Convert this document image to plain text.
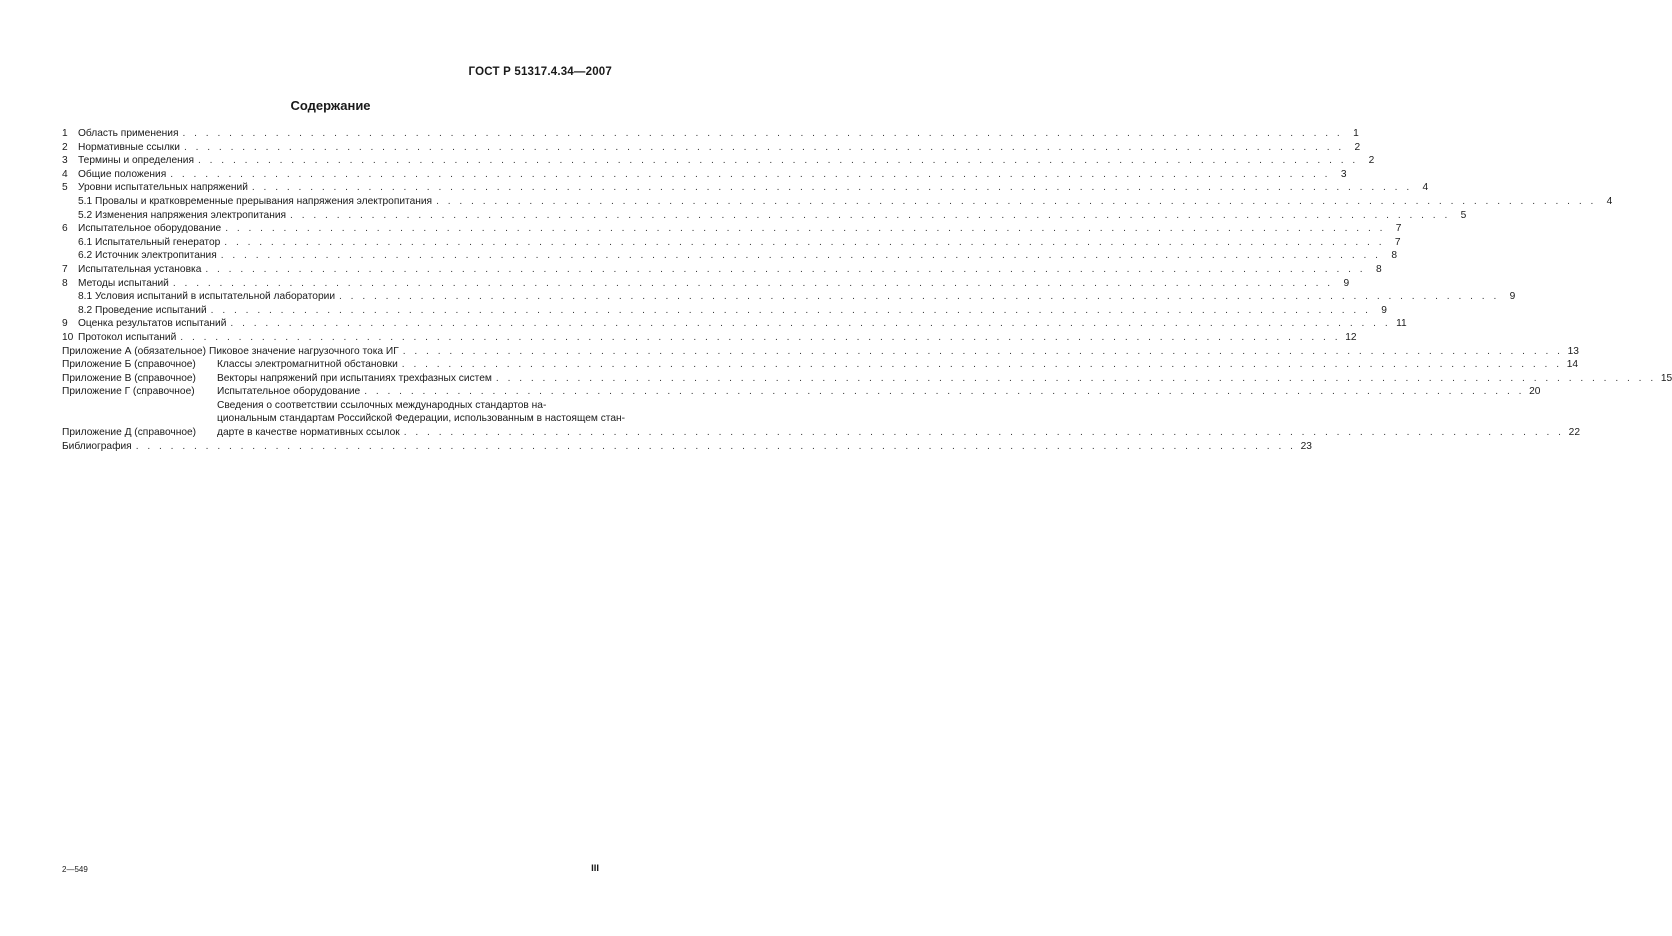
ГОСТ Р 51317.4.34—2007
Содержание
1	Область применения . . .	1
2	Нормативные ссылки . . .	2
3	Термины и определения . . .	2
4	Общие положения . . .	3
5	Уровни испытательных напряжений . . .	4
5.1 Провалы и кратковременные прерывания напряжения электропитания . . .	4
5.2 Изменения напряжения электропитания . . .	5
6	Испытательное оборудование . . .	7
6.1 Испытательный генератор . . .	7
6.2 Источник электропитания . . .	8
7	Испытательная установка . . .	8
8	Методы испытаний . . .	9
8.1 Условия испытаний в испытательной лаборатории . . .	9
8.2 Проведение испытаний . . .	9
9	Оценка результатов испытаний . . .	11
10 Протокол испытаний . . .	12
Приложение А (обязательное) Пиковое значение нагрузочного тока ИГ . . .	13
Приложение Б (справочное)	Классы электромагнитной обстановки . . .	14
Приложение В (справочное)	Векторы напряжений при испытаниях трехфазных систем . . .	15
Приложение Г (справочное)	Испытательное оборудование . . .	20
Приложение Д (справочное)
Сведения о соответствии ссылочных международных стандартов на-
циональным стандартам Российской Федерации, использованным в настоящем стан-
дарте в качестве нормативных ссылок . . .	22
Библиография . . .	23
2—549	III
